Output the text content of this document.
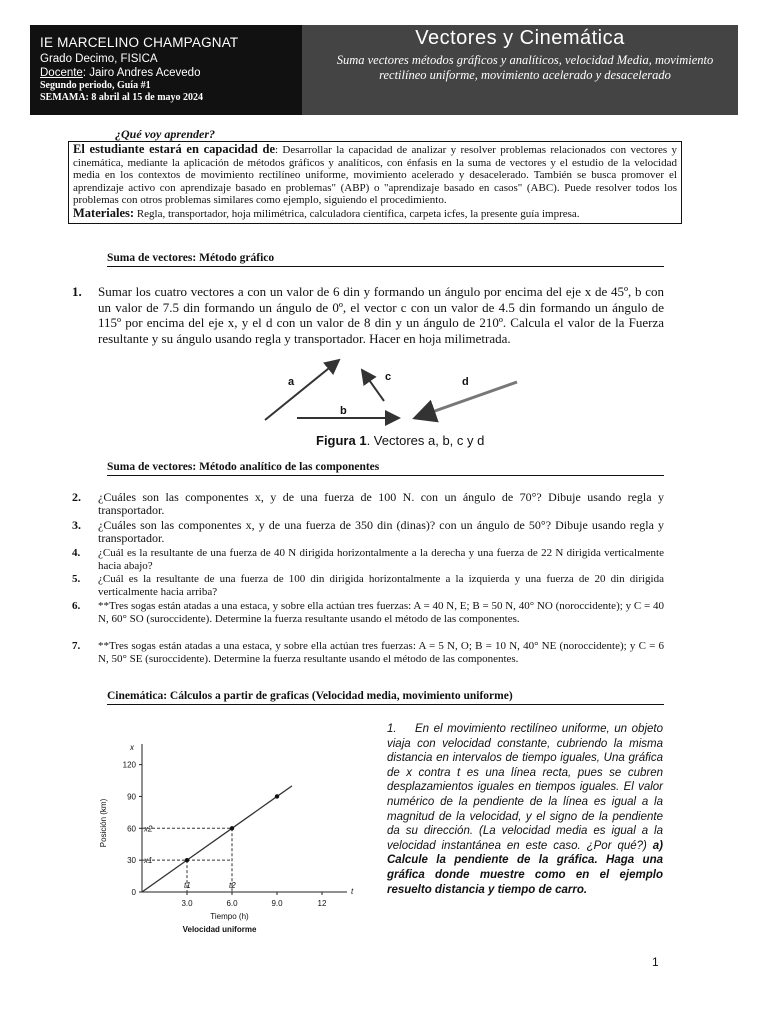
IE MARCELINO CHAMPAGNAT
Grado Decimo, FISICA
Docente: Jairo Andres Acevedo
Segundo periodo, Guía #1
SEMAMA: 8 abril al 15 de mayo 2024
Vectores y Cinemática
Suma vectores métodos gráficos y analíticos, velocidad Media, movimiento rectilíneo uniforme, movimiento acelerado y desacelerado
¿Qué voy aprender?
El estudiante estará en capacidad de: Desarrollar la capacidad de analizar y resolver problemas relacionados con vectores y cinemática, mediante la aplicación de métodos gráficos y analíticos, con énfasis en la suma de vectores y el estudio de la velocidad media en los contextos de movimiento rectilíneo uniforme, movimiento acelerado y desacelerado. También se busca promover el aprendizaje activo con aprendizaje basado en problemas" (ABP) o "aprendizaje basado en casos" (ABC). Puede resolver todos los problemas con otros problemas similares como ejemplo, siguiendo el procedimiento.
Materiales: Regla, transportador, hoja milimétrica, calculadora científica, carpeta icfes, la presente guía impresa.
Suma de vectores: Método gráfico
1. Sumar los cuatro vectores a con un valor de 6 din y formando un ángulo por encima del eje x de 45º, b con un valor de 7.5 din formando un ángulo de 0º, el vector c con un valor de 4.5 din formando un ángulo de 115º por encima del eje x, y el d con un valor de 8 din y un ángulo de 210º. Calcula el valor de la Fuerza resultante y su ángulo usando regla y transportador. Hacer en hoja milimetrada.
a
b
c	d
Figura 1. Vectores a, b, c y d
Suma de vectores: Método analítico de las componentes
2. ¿Cuáles son las componentes x, y de una fuerza de 100 N. con un ángulo de 70°? Dibuje usando regla y transportador.
3. ¿Cuáles son las componentes x, y de una fuerza de 350 din (dinas)? con un ángulo de 50°? Dibuje usando regla y transportador.
4. ¿Cuál es la resultante de una fuerza de 40 N dirigida horizontalmente a la derecha y una fuerza de 22 N dirigida verticalmente hacia abajo?
5. ¿Cuál es la resultante de una fuerza de 100 din dirigida horizontalmente a la izquierda y una fuerza de 20 din dirigida verticalmente hacia arriba?
6. **Tres sogas están atadas a una estaca, y sobre ella actúan tres fuerzas: A = 40 N, E; B = 50 N, 40° NO (noroccidente); y C = 40 N, 60° SO (suroccidente). Determine la fuerza resultante usando el método de las componentes.
7. **Tres sogas están atadas a una estaca, y sobre ella actúan tres fuerzas: A = 5 N, O; B = 10 N, 40° NE (noroccidente); y C = 6 N, 50° SE (suroccidente). Determine la fuerza resultante usando el método de las componentes.
Cinemática: Cálculos a partir de graficas (Velocidad media, movimiento uniforme)
t
x
3.0	6.0	9.0	12
0
30
60
90
120
x1
x2
t1	t2
Tiempo (h)
Posición (km)
Velocidad uniforme
1. En el movimiento rectilíneo uniforme, un objeto viaja con velocidad constante, cubriendo la misma distancia en intervalos de tiempo iguales, Una gráfica de x contra t es una línea recta, pues se cubren desplazamientos iguales en tiempos iguales. El valor numérico de la pendiente de la línea es igual a la magnitud de la velocidad, y el signo de la pendiente da su dirección. (La velocidad media es igual a la velocidad instantánea en este caso. ¿Por qué?) a) Calcule la pendiente de la gráfica. Haga una gráfica donde muestre como en el ejemplo resuelto distancia y tiempo de carro.
1
